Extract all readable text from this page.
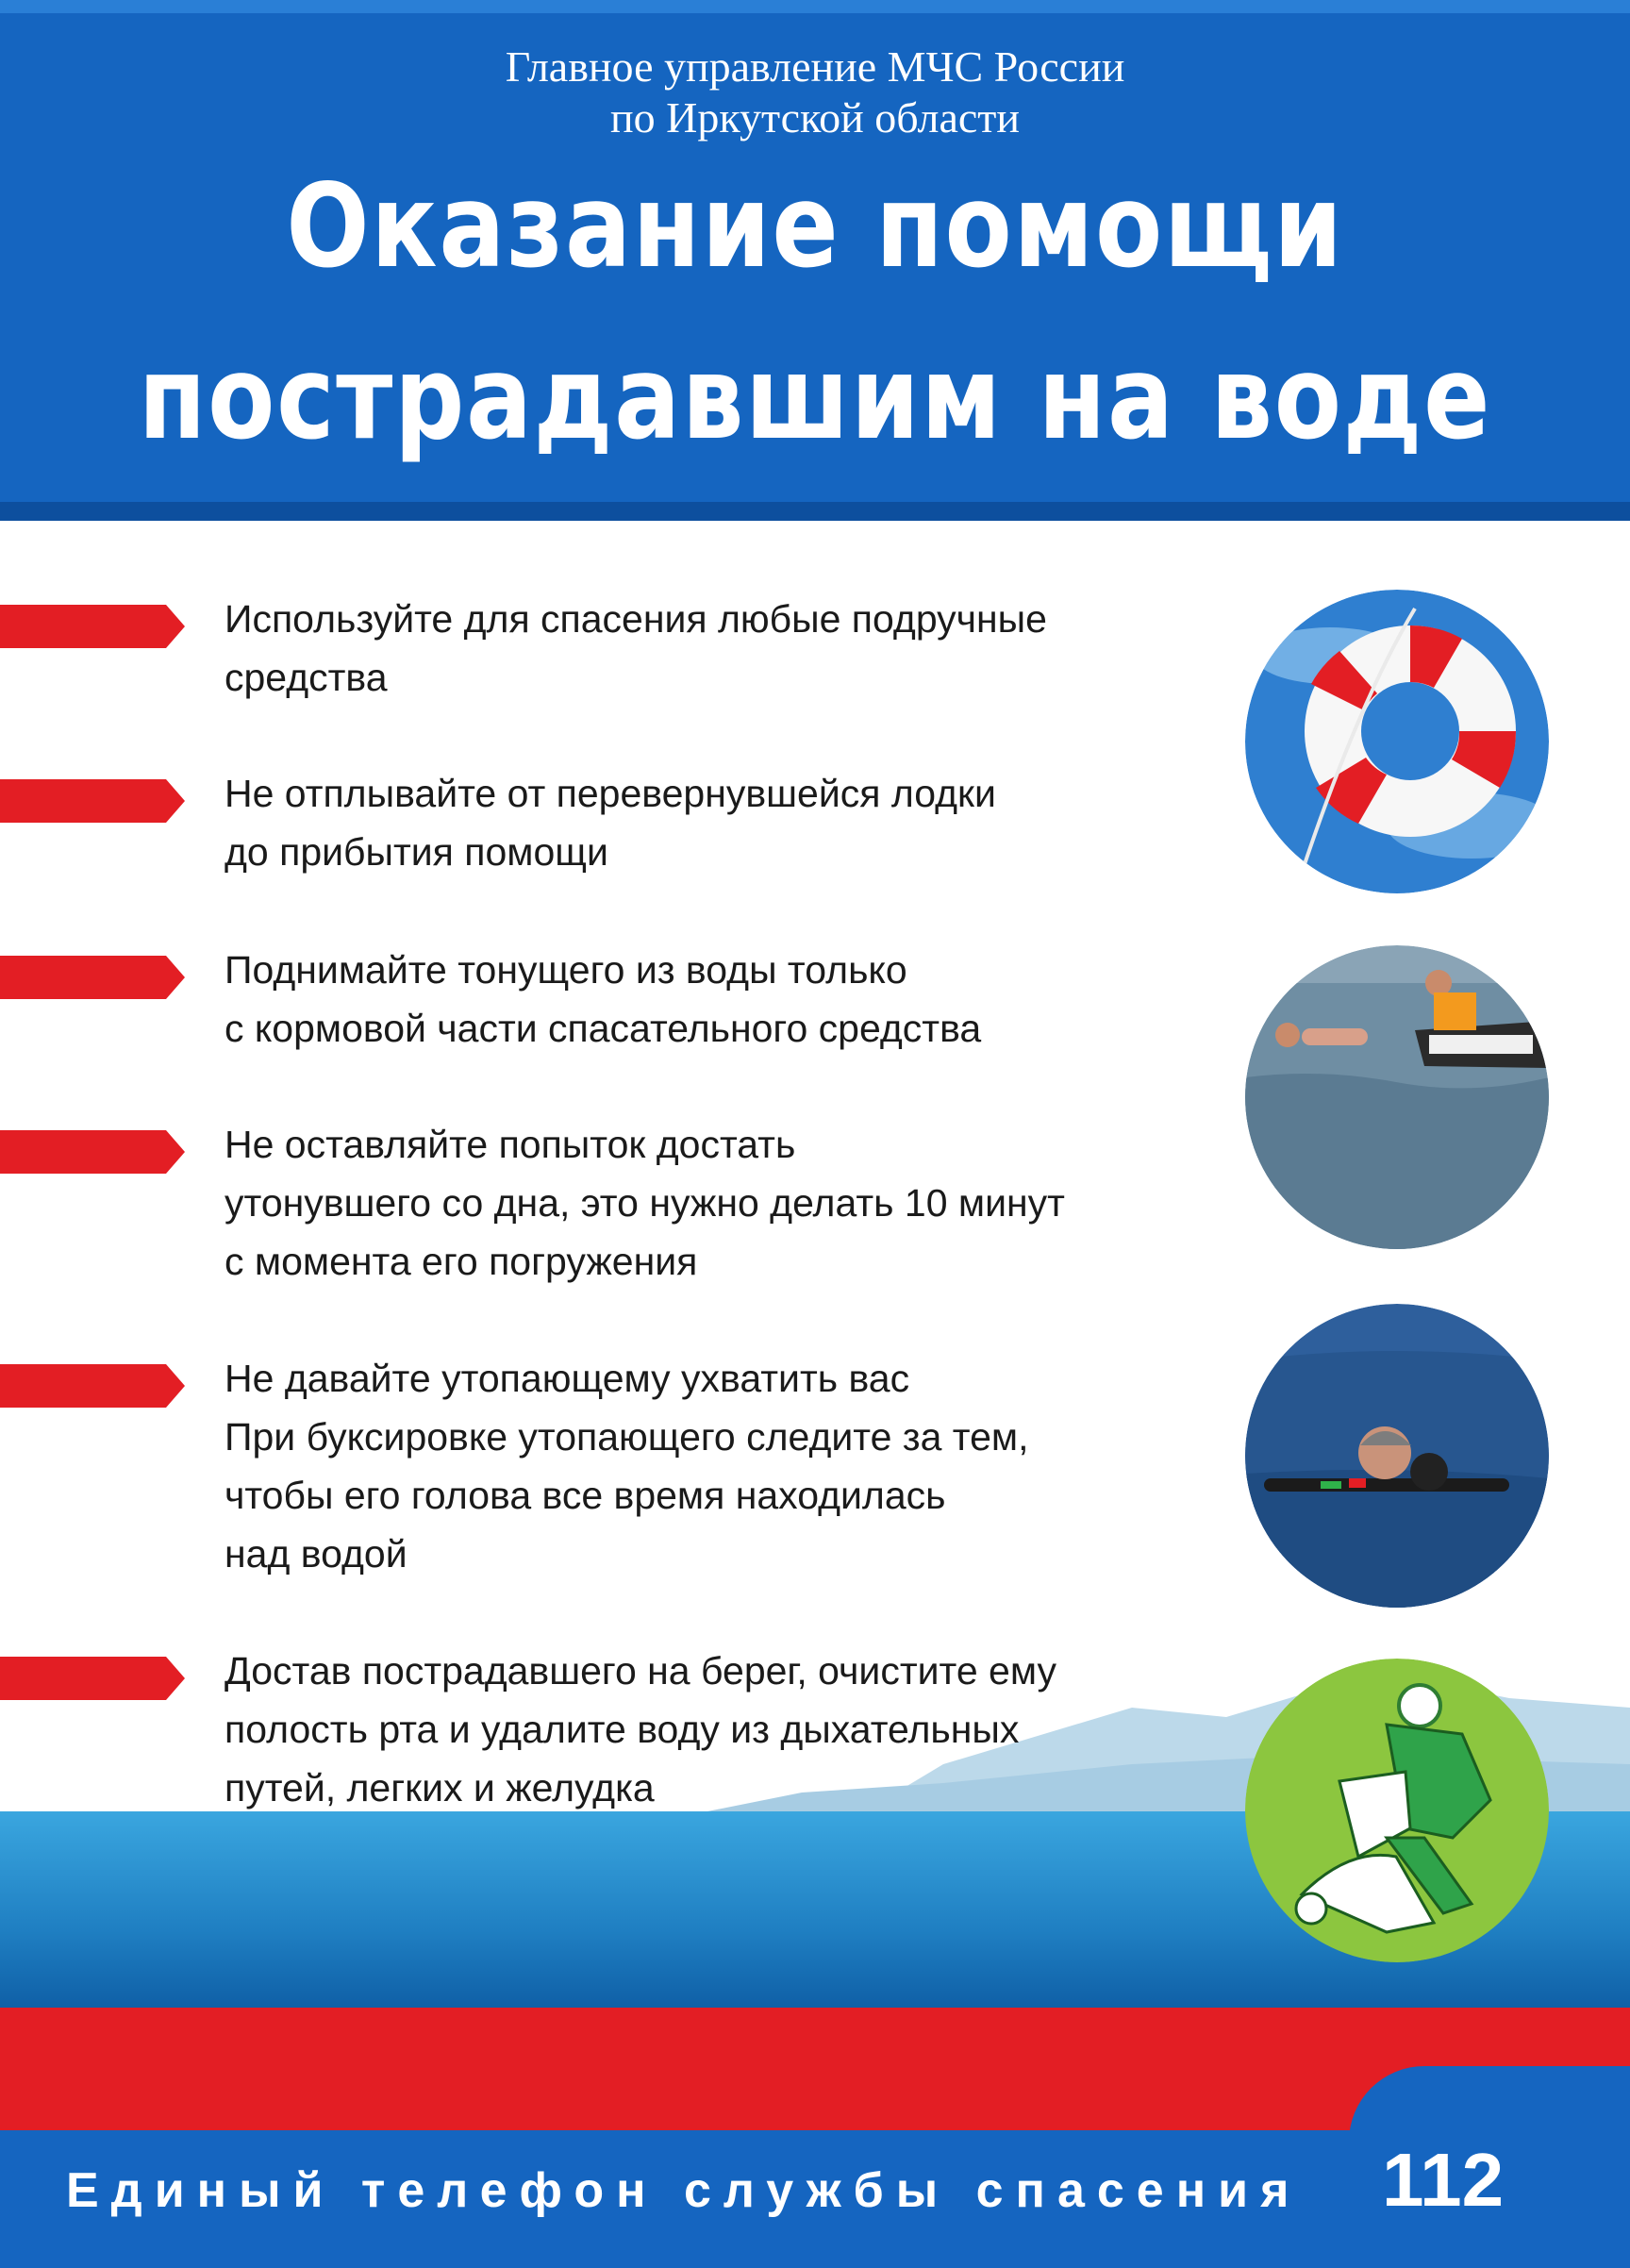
Главное управление МЧС России
по Иркутской области
Оказание помощи
пострадавшим на воде
Используйте для спасения любые подручные
средства
Не отплывайте от перевернувшейся лодки
до прибытия помощи
Поднимайте тонущего из воды только
с кормовой части спасательного средства
Не оставляйте попыток достать
утонувшего со дна, это нужно делать 10 минут
с момента его погружения
Не давайте утопающему ухватить вас
При буксировке утопающего следите за тем,
чтобы его голова все время находилась
над водой
Достав пострадавшего на берег, очистите ему
полость рта и удалите воду из дыхательных
путей, легких и желудка
Единый телефон службы спасения 112
